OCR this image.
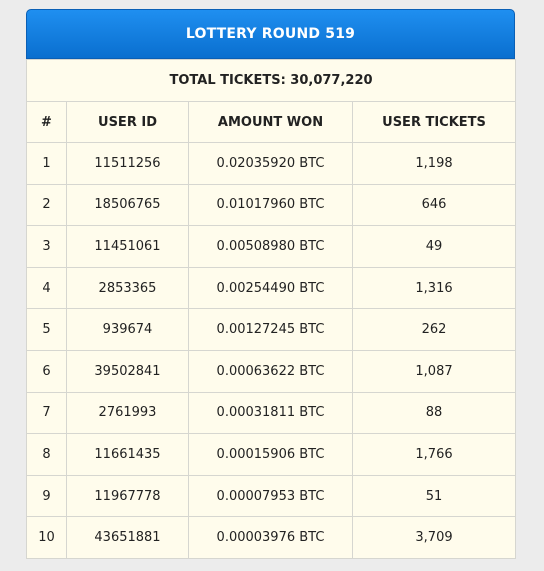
LOTTERY ROUND 519
TOTAL TICKETS: 30,077,220			
#	USER ID	AMOUNT WON	USER TICKETS
1	11511256	0.02035920 BTC	1,198
2	18506765	0.01017960 BTC	646
3	11451061	0.00508980 BTC	49
4	2853365	0.00254490 BTC	1,316
5	939674	0.00127245 BTC	262
6	39502841	0.00063622 BTC	1,087
7	2761993	0.00031811 BTC	88
8	11661435	0.00015906 BTC	1,766
9	11967778	0.00007953 BTC	51
10	43651881	0.00003976 BTC	3,709
